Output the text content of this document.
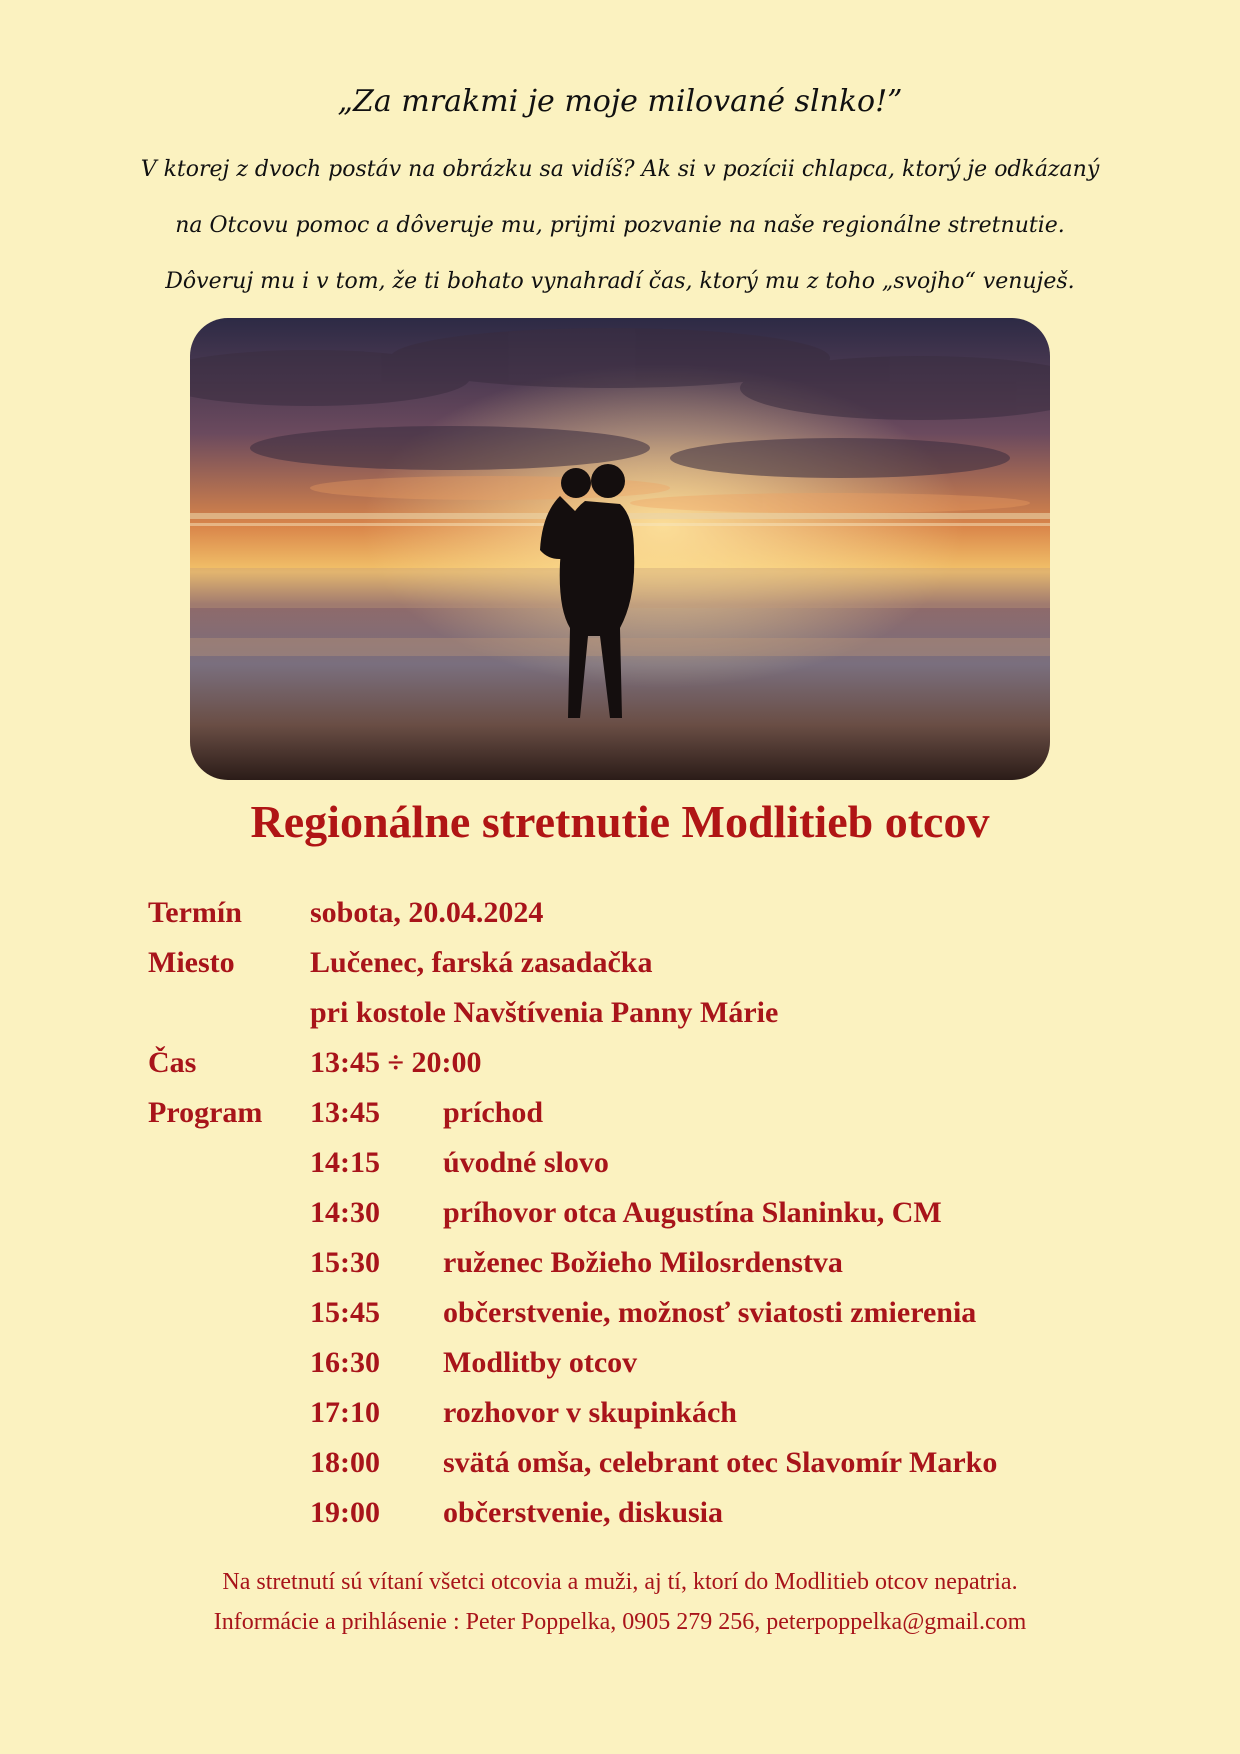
„Za mrakmi je moje milované slnko!”

V ktorej z dvoch postáv na obrázku sa vidíš? Ak si v pozícii chlapca, ktorý je odkázaný

na Otcovu pomoc a dôveruje mu, prijmi pozvanie na naše regionálne stretnutie.

Dôveruj mu i v tom, že ti bohato vynahradí čas, ktorý mu z toho „svojho“ venuješ.

Regionálne stretnutie Modlitieb otcov
Termín sobota, 20.04.2024
Miesto	Lučenec, farská zasadačka
pri kostole Navštívenia Panny Márie
Čas	13:45 ÷ 20:00
Program 13:45 príchod
14:15 úvodné slovo
14:30 príhovor otca Augustína Slaninku, CM
15:30 ruženec Božieho Milosrdenstva
15:45 občerstvenie, možnosť sviatosti zmierenia
16:30 Modlitby otcov
17:10 rozhovor v skupinkách
18:00 svätá omša, celebrant otec Slavomír Marko
19:00 občerstvenie, diskusia

Na stretnutí sú vítaní všetci otcovia a muži, aj tí, ktorí do Modlitieb otcov nepatria.

Informácie a prihlásenie : Peter Poppelka, 0905 279 256, peterpoppelka@gmail.com
